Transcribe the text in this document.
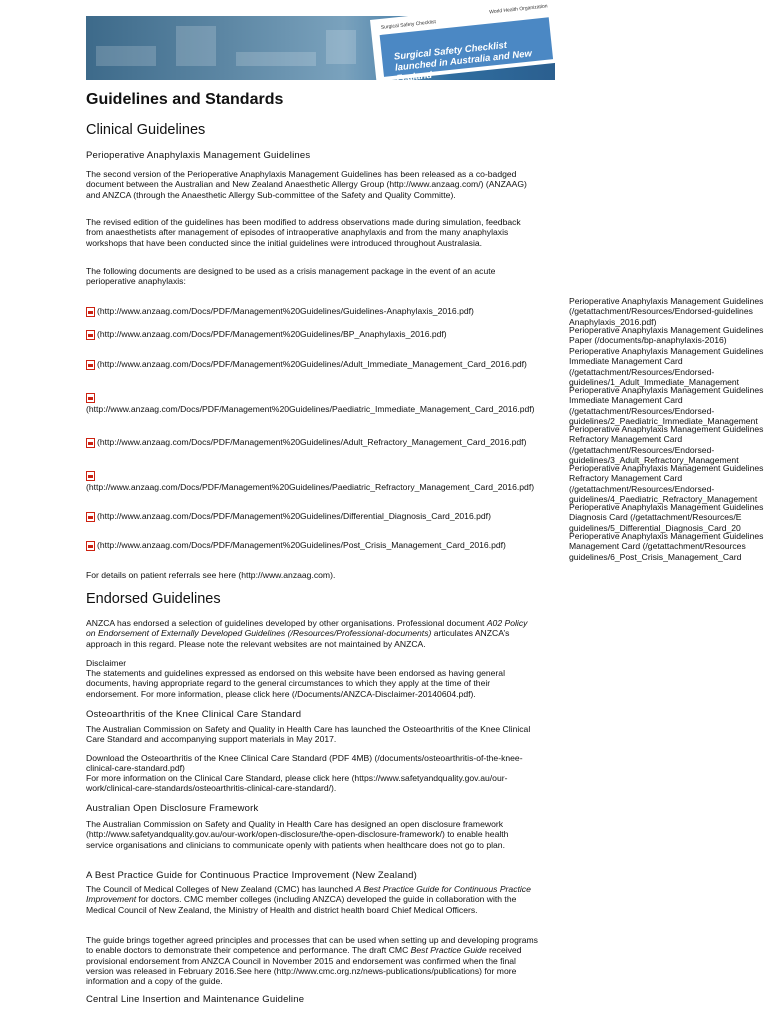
Surgical Safety Checklist
World Health Organization
Surgical Safety Checklist launched in Australia and New Zealand
Guidelines and Standards
Clinical Guidelines
Perioperative Anaphylaxis Management Guidelines
The second version of the Perioperative Anaphylaxis Management Guidelines has been released as a co-badged document between the Australian and New Zealand Anaesthetic Allergy Group (http://www.anzaag.com/) (ANZAAG) and ANZCA (through the Anaesthetic Allergy Sub-committee of the Safety and Quality Committe).
The revised edition of the guidelines has been modified to address observations made during simulation, feedback from anaesthetists after management of episodes of intraoperative anaphylaxis and from the many anaphylaxis workshops that have been conducted since the initial guidelines were introduced throughout Australasia.
The following documents are designed to be used as a crisis management package in the event of an acute perioperative anaphylaxis:
(http://www.anzaag.com/Docs/PDF/Management%20Guidelines/Guidelines-Anaphylaxis_2016.pdf)
Perioperative Anaphylaxis Management Guidelines
(/getattachment/Resources/Endorsed-guidelines
Anaphylaxis_2016.pdf)
(http://www.anzaag.com/Docs/PDF/Management%20Guidelines/BP_Anaphylaxis_2016.pdf)	Perioperative Anaphylaxis Management Guidelines
Paper (/documents/bp-anaphylaxis-2016)
(http://www.anzaag.com/Docs/PDF/Management%20Guidelines/Adult_Immediate_Management_Card_2016.pdf)
Perioperative Anaphylaxis Management Guidelines
Immediate Management Card
(/getattachment/Resources/Endorsed-
guidelines/1_Adult_Immediate_Management
(http://www.anzaag.com/Docs/PDF/Management%20Guidelines/Paediatric_Immediate_Management_Card_2016.pdf)
Perioperative Anaphylaxis Management Guidelines
Immediate Management Card
(/getattachment/Resources/Endorsed-
guidelines/2_Paediatric_Immediate_Management
(http://www.anzaag.com/Docs/PDF/Management%20Guidelines/Adult_Refractory_Management_Card_2016.pdf)
Perioperative Anaphylaxis Management Guidelines
Refractory Management Card
(/getattachment/Resources/Endorsed-
guidelines/3_Adult_Refractory_Management
(http://www.anzaag.com/Docs/PDF/Management%20Guidelines/Paediatric_Refractory_Management_Card_2016.pdf)
Perioperative Anaphylaxis Management Guidelines
Refractory Management Card
(/getattachment/Resources/Endorsed-
guidelines/4_Paediatric_Refractory_Management
(http://www.anzaag.com/Docs/PDF/Management%20Guidelines/Differential_Diagnosis_Card_2016.pdf)
Perioperative Anaphylaxis Management Guidelines
Diagnosis Card (/getattachment/Resources/E
guidelines/5_Differential_Diagnosis_Card_20
(http://www.anzaag.com/Docs/PDF/Management%20Guidelines/Post_Crisis_Management_Card_2016.pdf)
Perioperative Anaphylaxis Management Guidelines
Management Card (/getattachment/Resources
guidelines/6_Post_Crisis_Management_Card
For details on patient referrals see here (http://www.anzaag.com).
Endorsed Guidelines
ANZCA has endorsed a selection of guidelines developed by other organisations. Professional document A02 Policy on Endorsement of Externally Developed Guidelines (/Resources/Professional-documents) articulates ANZCA’s approach in this regard. Please note the relevant websites are not maintained by ANZCA.
Disclaimer
The statements and guidelines expressed as endorsed on this website have been endorsed as having general documents, having appropriate regard to the general circumstances to which they apply at the time of their endorsement. For more information, please click here (/Documents/ANZCA-Disclaimer-20140604.pdf).
Osteoarthritis of the Knee Clinical Care Standard
The Australian Commission on Safety and Quality in Health Care has launched the Osteoarthritis of the Knee Clinical Care Standard and accompanying support materials in May 2017.
Download the Osteoarthritis of the Knee Clinical Care Standard (PDF 4MB) (/documents/osteoarthritis-of-the-knee-clinical-care-standard.pdf)
For more information on the Clinical Care Standard, please click here (https://www.safetyandquality.gov.au/our-work/clinical-care-standards/osteoarthritis-clinical-care-standard/).
Australian Open Disclosure Framework
The Australian Commission on Safety and Quality in Health Care has designed an open disclosure framework (http://www.safetyandquality.gov.au/our-work/open-disclosure/the-open-disclosure-framework/) to enable health service organisations and clinicians to communicate openly with patients when healthcare does not go to plan.
A Best Practice Guide for Continuous Practice Improvement (New Zealand)
The Council of Medical Colleges of New Zealand (CMC) has launched A Best Practice Guide for Continuous Practice Improvement for doctors. CMC member colleges (including ANZCA) developed the guide in collaboration with the Medical Council of New Zealand, the Ministry of Health and district health board Chief Medical Officers.
The guide brings together agreed principles and processes that can be used when setting up and developing programs to enable doctors to demonstrate their competence and performance. The draft CMC Best Practice Guide received provisional endorsement from ANZCA Council in November 2015 and endorsement was confirmed when the final version was released in February 2016.See here (http://www.cmc.org.nz/news-publications/publications) for more information and a copy of the guide.
Central Line Insertion and Maintenance Guideline
